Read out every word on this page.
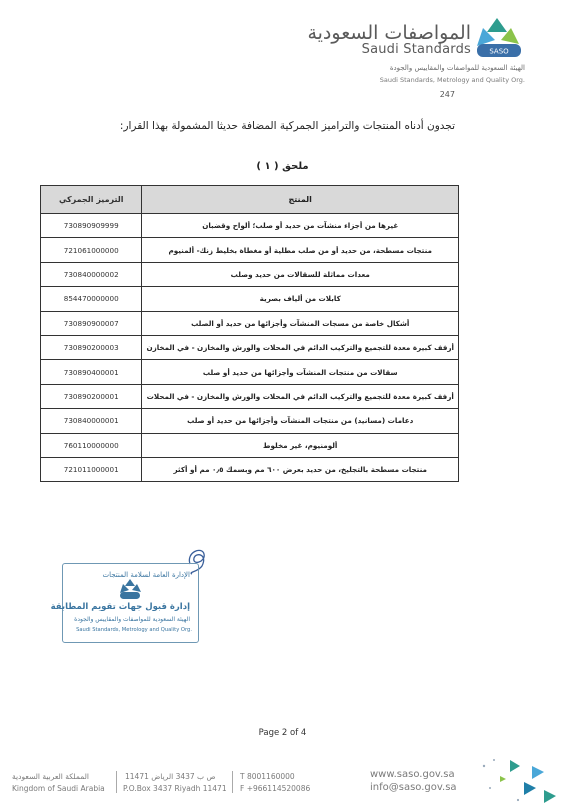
المواصفات السعودية
Saudi Standards	SASO
الهيئة السعودية للمواصفات والمقاييس والجودة
Saudi Standards, Metrology and Quality Org.
247
تجدون أدناه المنتجات والترامیز الجمرکیة المضافة حدیثا المشمولة بهذا القرار:
ملحق ( ١ )
الترميز الجمركي	المنتج
730890909999	غيرها من أجزاء منشآت من حديد أو صلب؛ ألواح وقضبان
721061000000	منتجات مسطحة، من حديد أو من صلب مطلية أو مغطاة بخليط زنك- ألمنيوم
730840000002	معدات مماثلة للسقالات من حديد وصلب
854470000000	كابلات من ألياف بصرية
730890900007	أشكال خاصة من مسجات المنشآت وأجزائها من حديد أو الصلب
730890200003	أرفف كبيرة معدة للتجميع والتركيب الدائم في المحلات والورش والمخازن - في المخازن
730890400001	سقالات من منتجات المنشآت وأجزائها من حديد أو صلب
730890200001	أرفف كبيرة معدة للتجميع والتركيب الدائم في المحلات والورش والمخازن - في المحلات
730840000001	دعامات (مسانيد) من منتجات المنشآت وأجزائها من حديد أو صلب
760110000000	ألومنيوم، غير مخلوط
721011000001	منتجات مسطحة بالتجليخ، من حديد بعرض ٦٠٠ مم وبسمك ٠٫٥ مم أو أكثر
الإدارة العامة لسلامة المنتجات
إدارة قبول جهات تقويم المطابقة
الهيئة السعودية للمواصفات والمقاييس والجودة
Saudi Standards, Metrology and Quality Org.
Page 2 of 4
المملكة العربية السعودية
Kingdom of Saudi Arabia
ص ب 3437 الرياض 11471
P.O.Box 3437 Riyadh 11471
T 8001160000
F +966114520086
www.saso.gov.sa
info@saso.gov.sa
